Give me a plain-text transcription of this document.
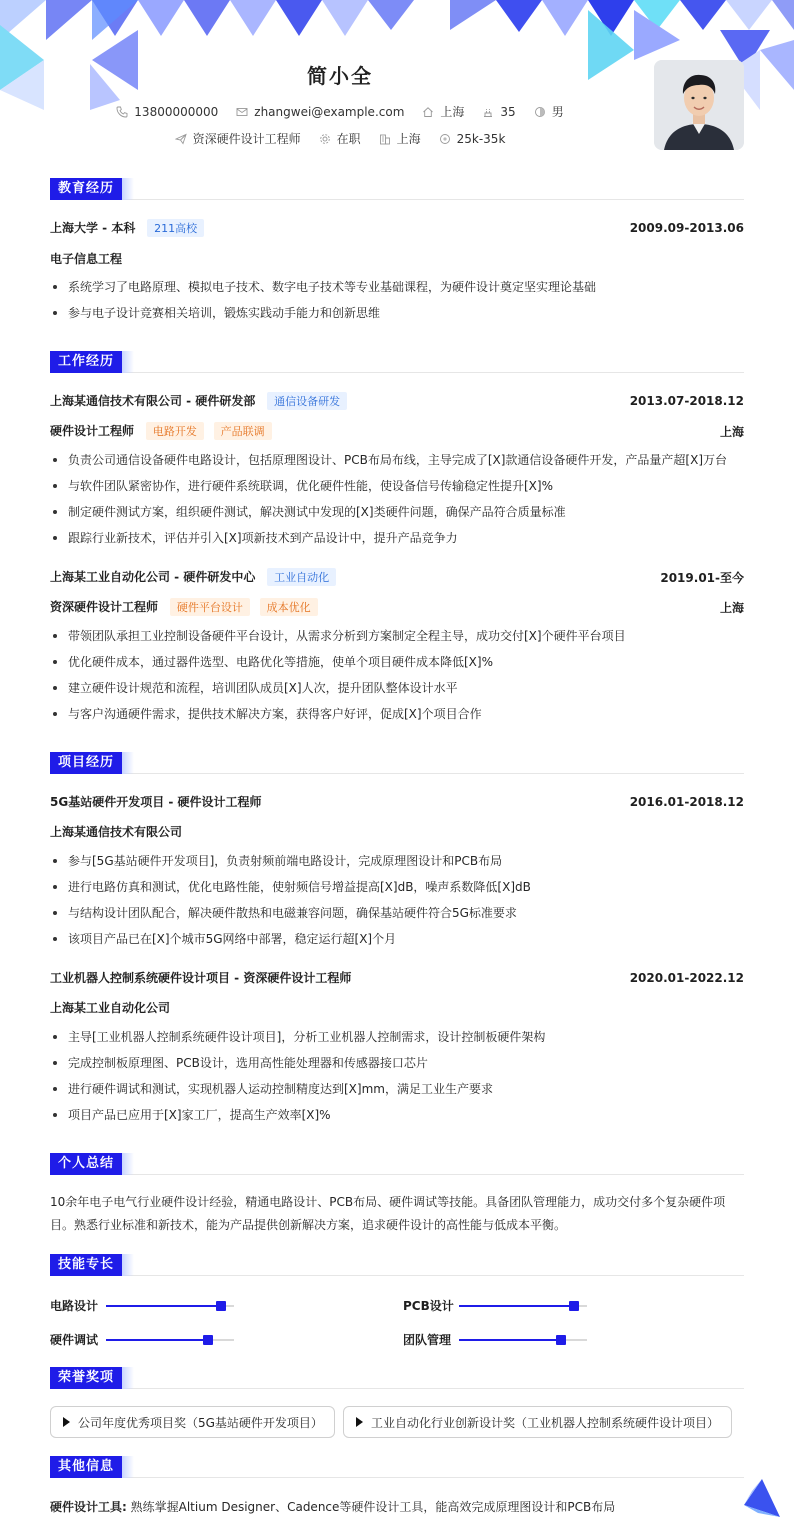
简小全
13800000000	zhangwei@example.com	上海	35	男
资深硬件设计工程师	在职	上海	25k-35k
教育经历
上海大学 - 本科 211高校	2009.09-2013.06
电子信息工程
系统学习了电路原理、模拟电子技术、数字电子技术等专业基础课程，为硬件设计奠定坚实理论基础
参与电子设计竞赛相关培训，锻炼实践动手能力和创新思维
工作经历
上海某通信技术有限公司 - 硬件研发部 通信设备研发	2013.07-2018.12
硬件设计工程师 电路开发 产品联调	上海
负责公司通信设备硬件电路设计，包括原理图设计、PCB布局布线，主导完成了[X]款通信设备硬件开发，产品量产超[X]万台
与软件团队紧密协作，进行硬件系统联调，优化硬件性能，使设备信号传输稳定性提升[X]%
制定硬件测试方案，组织硬件测试，解决测试中发现的[X]类硬件问题，确保产品符合质量标准
跟踪行业新技术，评估并引入[X]项新技术到产品设计中，提升产品竞争力
上海某工业自动化公司 - 硬件研发中心 工业自动化	2019.01-至今
资深硬件设计工程师 硬件平台设计 成本优化	上海
带领团队承担工业控制设备硬件平台设计，从需求分析到方案制定全程主导，成功交付[X]个硬件平台项目
优化硬件成本，通过器件选型、电路优化等措施，使单个项目硬件成本降低[X]%
建立硬件设计规范和流程，培训团队成员[X]人次，提升团队整体设计水平
与客户沟通硬件需求，提供技术解决方案，获得客户好评，促成[X]个项目合作
项目经历
5G基站硬件开发项目 - 硬件设计工程师	2016.01-2018.12
上海某通信技术有限公司
参与[5G基站硬件开发项目]，负责射频前端电路设计，完成原理图设计和PCB布局
进行电路仿真和测试，优化电路性能，使射频信号增益提高[X]dB，噪声系数降低[X]dB
与结构设计团队配合，解决硬件散热和电磁兼容问题，确保基站硬件符合5G标准要求
该项目产品已在[X]个城市5G网络中部署，稳定运行超[X]个月
工业机器人控制系统硬件设计项目 - 资深硬件设计工程师	2020.01-2022.12
上海某工业自动化公司
主导[工业机器人控制系统硬件设计项目]，分析工业机器人控制需求，设计控制板硬件架构
完成控制板原理图、PCB设计，选用高性能处理器和传感器接口芯片
进行硬件调试和测试，实现机器人运动控制精度达到[X]mm，满足工业生产要求
项目产品已应用于[X]家工厂，提高生产效率[X]%
个人总结
10余年电子电气行业硬件设计经验，精通电路设计、PCB布局、硬件调试等技能。具备团队管理能力，成功交付多个复杂硬件项
目。熟悉行业标准和新技术，能为产品提供创新解决方案，追求硬件设计的高性能与低成本平衡。
技能专长
电路设计	PCB设计
硬件调试	团队管理
荣誉奖项
公司年度优秀项目奖（5G基站硬件开发项目）	工业自动化行业创新设计奖（工业机器人控制系统硬件设计项目）
其他信息
硬件设计工具: 熟练掌握Altium Designer、Cadence等硬件设计工具，能高效完成原理图设计和PCB布局
